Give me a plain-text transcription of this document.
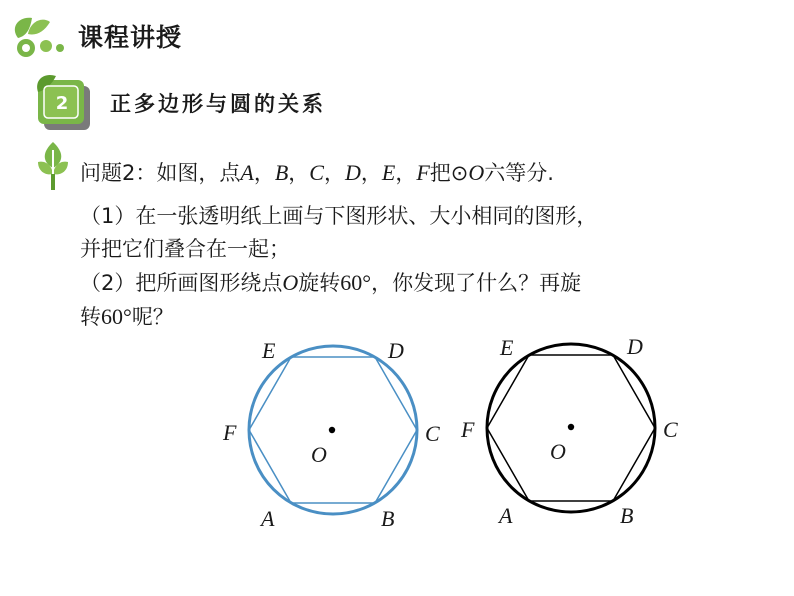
课程讲授
2 正多边形与圆的关系
问题2：如图，点A，B，C，D，E，F把⊙O六等分.
（1）在一张透明纸上画与下图形状、大小相同的图形，
并把它们叠合在一起；
（2）把所画图形绕点O旋转60°，你发现了什么？再旋
转60°呢？
E	D
F	C
O
A	B
E	D
F	C
O
A	B
